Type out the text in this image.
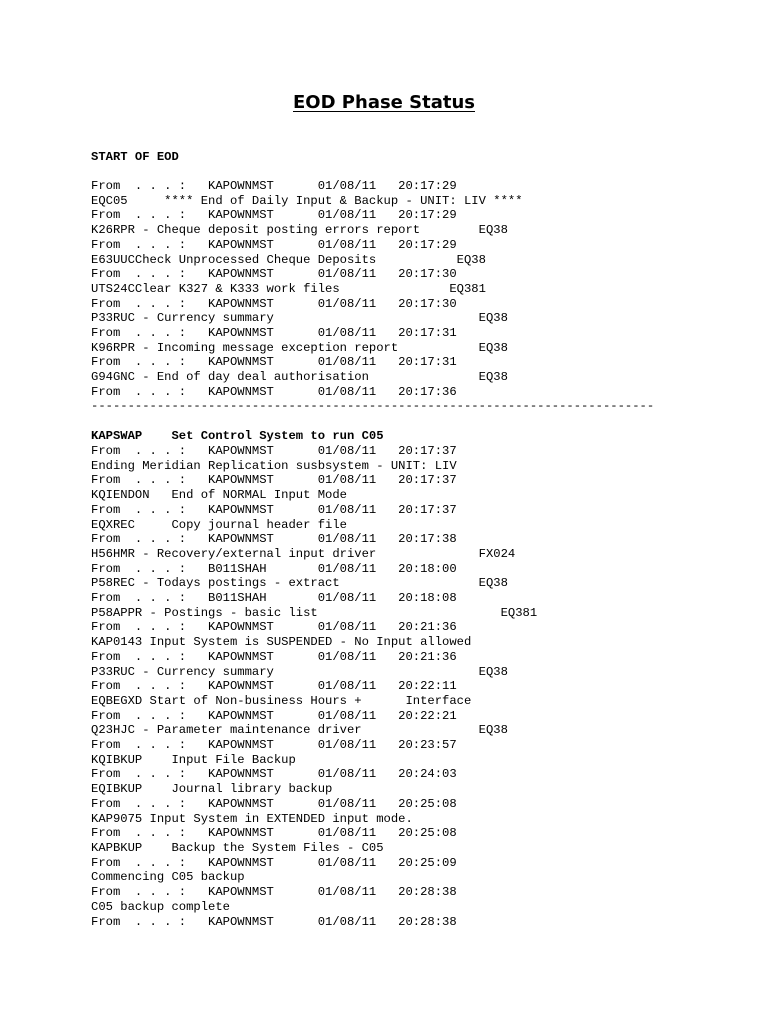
EOD Phase Status
START OF EOD
From  . . . :   KAPOWNMST      01/08/11   20:17:29
EQC05     **** End of Daily Input & Backup - UNIT: LIV ****
From  . . . :   KAPOWNMST      01/08/11   20:17:29
K26RPR - Cheque deposit posting errors report        EQ38
From  . . . :   KAPOWNMST      01/08/11   20:17:29
E63UUCCheck Unprocessed Cheque Deposits           EQ38
From  . . . :   KAPOWNMST      01/08/11   20:17:30
UTS24CClear K327 & K333 work files               EQ381
From  . . . :   KAPOWNMST      01/08/11   20:17:30
P33RUC - Currency summary                            EQ38
From  . . . :   KAPOWNMST      01/08/11   20:17:31
K96RPR - Incoming message exception report           EQ38
From  . . . :   KAPOWNMST      01/08/11   20:17:31
G94GNC - End of day deal authorisation               EQ38
From  . . . :   KAPOWNMST      01/08/11   20:17:36
-----------------------------------------------------------------------------
KAPSWAP    Set Control System to run C05
From  . . . :   KAPOWNMST      01/08/11   20:17:37
Ending Meridian Replication susbsystem - UNIT: LIV
From  . . . :   KAPOWNMST      01/08/11   20:17:37
KQIENDON   End of NORMAL Input Mode
From  . . . :   KAPOWNMST      01/08/11   20:17:37
EQXREC     Copy journal header file
From  . . . :   KAPOWNMST      01/08/11   20:17:38
H56HMR - Recovery/external input driver              FX024
From  . . . :   B011SHAH       01/08/11   20:18:00
P58REC - Todays postings - extract                   EQ38
From  . . . :   B011SHAH       01/08/11   20:18:08
P58APPR - Postings - basic list                         EQ381
From  . . . :   KAPOWNMST      01/08/11   20:21:36
KAP0143 Input System is SUSPENDED - No Input allowed
From  . . . :   KAPOWNMST      01/08/11   20:21:36
P33RUC - Currency summary                            EQ38
From  . . . :   KAPOWNMST      01/08/11   20:22:11
EQBEGXD Start of Non-business Hours +      Interface
From  . . . :   KAPOWNMST      01/08/11   20:22:21
Q23HJC - Parameter maintenance driver                EQ38
From  . . . :   KAPOWNMST      01/08/11   20:23:57
KQIBKUP    Input File Backup
From  . . . :   KAPOWNMST      01/08/11   20:24:03
EQIBKUP    Journal library backup
From  . . . :   KAPOWNMST      01/08/11   20:25:08
KAP9075 Input System in EXTENDED input mode.
From  . . . :   KAPOWNMST      01/08/11   20:25:08
KAPBKUP    Backup the System Files - C05
From  . . . :   KAPOWNMST      01/08/11   20:25:09
Commencing C05 backup
From  . . . :   KAPOWNMST      01/08/11   20:28:38
C05 backup complete
From  . . . :   KAPOWNMST      01/08/11   20:28:38
